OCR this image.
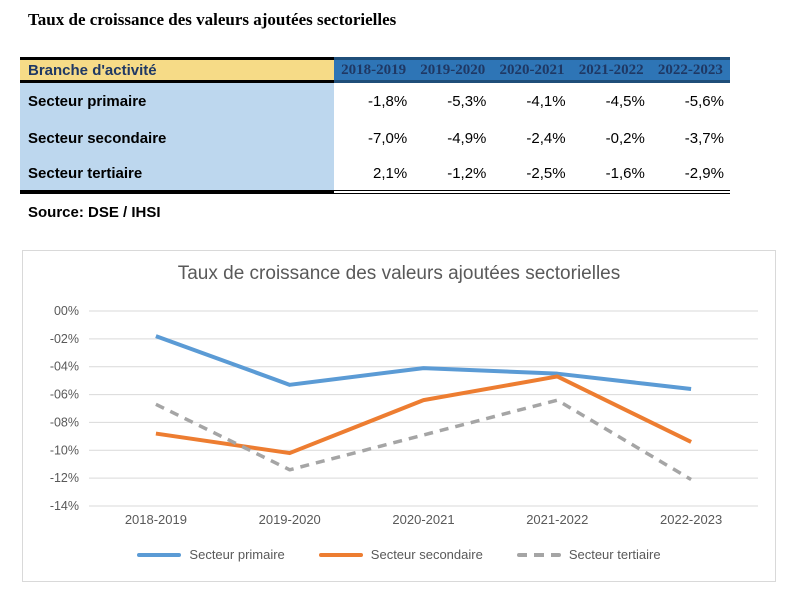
Taux de croissance des valeurs ajoutées sectorielles
Branche d'activité	2018-2019 2019-2020 2020-2021 2021-2022 2022-2023
Secteur primaire	-1,8%	-5,3%	-4,1%	-4,5%	-5,6%
Secteur secondaire	-7,0%	-4,9%	-2,4%	-0,2%	-3,7%
Secteur tertiaire	2,1%	-1,2%	-2,5%	-1,6%	-2,9%
Source: DSE / IHSI
Taux de croissance des valeurs ajoutées sectorielles
00%
-02%
-04%
-06%
-08%
-10%
-12%
-14%
2018-2019	2019-2020	2020-2021	2021-2022	2022-2023
Secteur primaire	Secteur secondaire	Secteur tertiaire
